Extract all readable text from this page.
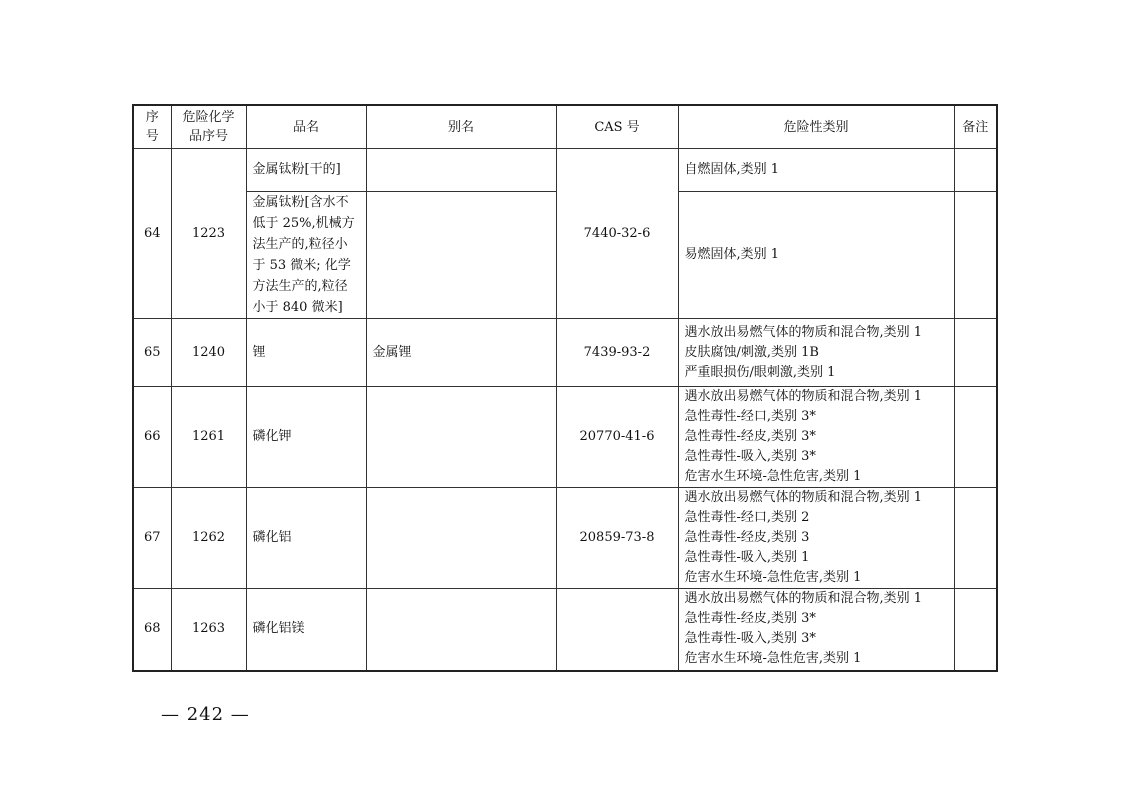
序号	危险化学品序号	品名	别名	CAS 号	危险性类别	备注
64	1223	金属钛粉[干的]		7440-32-6	自燃固体,类别 1	

		金属钛粉[含水不低于 25%,机械方法生产的,粒径小于 53 微米; 化学方法生产的,粒径小于 840 微米]			易燃固体,类别 1	

65	1240	锂	金属锂	7439-93-2	遇水放出易燃气体的物质和混合物,类别 1
皮肤腐蚀/刺激,类别 1B
严重眼损伤/眼刺激,类别 1	

66	1261	磷化钾		20770-41-6	遇水放出易燃气体的物质和混合物,类别 1
急性毒性-经口,类别 3*
急性毒性-经皮,类别 3*
急性毒性-吸入,类别 3*
危害水生环境-急性危害,类别 1	

67	1262	磷化铝		20859-73-8	遇水放出易燃气体的物质和混合物,类别 1
急性毒性-经口,类别 2
急性毒性-经皮,类别 3
急性毒性-吸入,类别 1
危害水生环境-急性危害,类别 1	

68	1263	磷化铝镁			遇水放出易燃气体的物质和混合物,类别 1
急性毒性-经皮,类别 3*
急性毒性-吸入,类别 3*
危害水生环境-急性危害,类别 1	

— 242 —
